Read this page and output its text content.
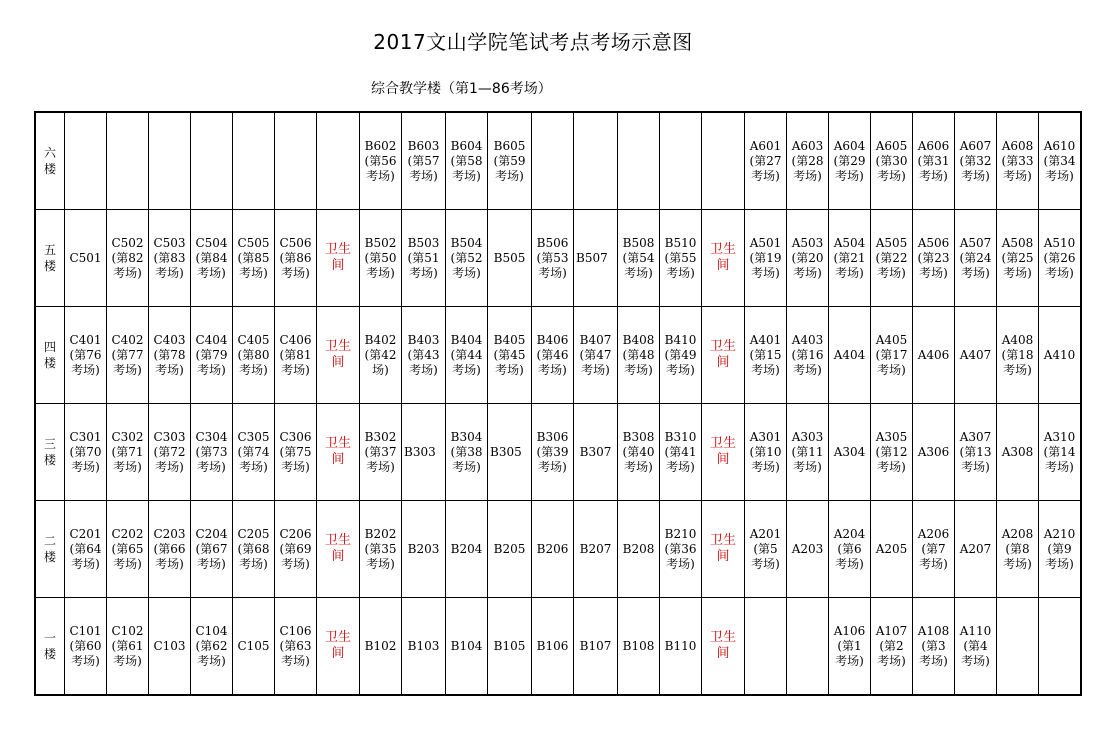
2017文山学院笔试考点考场示意图
综合教学楼（第1—86考场）
六楼								B602
(第56
考场)	B603
(第57
考场)	B604
(第58
考场)	B605
(第59
考场)						A601
(第27
考场)	A603
(第28
考场)	A604
(第29
考场)	A605
(第30
考场)	A606
(第31
考场)	A607
(第32
考场)	A608
(第33
考场)	A610
(第34
考场)
五楼	C501	C502
(第82
考场)	C503
(第83
考场)	C504
(第84
考场)	C505
(第85
考场)	C506
(第86
考场)	卫生间	B502
(第50
考场)	B503
(第51
考场)	B504
(第52
考场)	B505	B506
(第53
考场)	B507	B508
(第54
考场)	B510
(第55
考场)	卫生间	A501
(第19
考场)	A503
(第20
考场)	A504
(第21
考场)	A505
(第22
考场)	A506
(第23
考场)	A507
(第24
考场)	A508
(第25
考场)	A510
(第26
考场)
四楼	C401
(第76
考场)	C402
(第77
考场)	C403
(第78
考场)	C404
(第79
考场)	C405
(第80
考场)	C406
(第81
考场)	卫生间	B402
(第42
场)	B403
(第43
考场)	B404
(第44
考场)	B405
(第45
考场)	B406
(第46
考场)	B407
(第47
考场)	B408
(第48
考场)	B410
(第49
考场)	卫生间	A401
(第15
考场)	A403
(第16
考场)	A404	A405
(第17
考场)	A406	A407	A408
(第18
考场)	A410
三楼	C301
(第70
考场)	C302
(第71
考场)	C303
(第72
考场)	C304
(第73
考场)	C305
(第74
考场)	C306
(第75
考场)	卫生间	B302
(第37
考场)	B303	B304
(第38
考场)	B305	B306
(第39
考场)	B307	B308
(第40
考场)	B310
(第41
考场)	卫生间	A301
(第10
考场)	A303
(第11
考场)	A304	A305
(第12
考场)	A306	A307
(第13
考场)	A308	A310
(第14
考场)
二楼	C201
(第64
考场)	C202
(第65
考场)	C203
(第66
考场)	C204
(第67
考场)	C205
(第68
考场)	C206
(第69
考场)	卫生间	B202
(第35
考场)	B203	B204	B205	B206	B207	B208	B210
(第36
考场)	卫生间	A201
(第5
考场)	A203	A204
(第6
考场)	A205	A206
(第7
考场)	A207	A208
(第8
考场)	A210
(第9
考场)
一楼	C101
(第60
考场)	C102
(第61
考场)	C103	C104
(第62
考场)	C105	C106
(第63
考场)	卫生间	B102	B103	B104	B105	B106	B107	B108	B110	卫生间			A106
(第1
考场)	A107
(第2
考场)	A108
(第3
考场)	A110
(第4
考场)		
